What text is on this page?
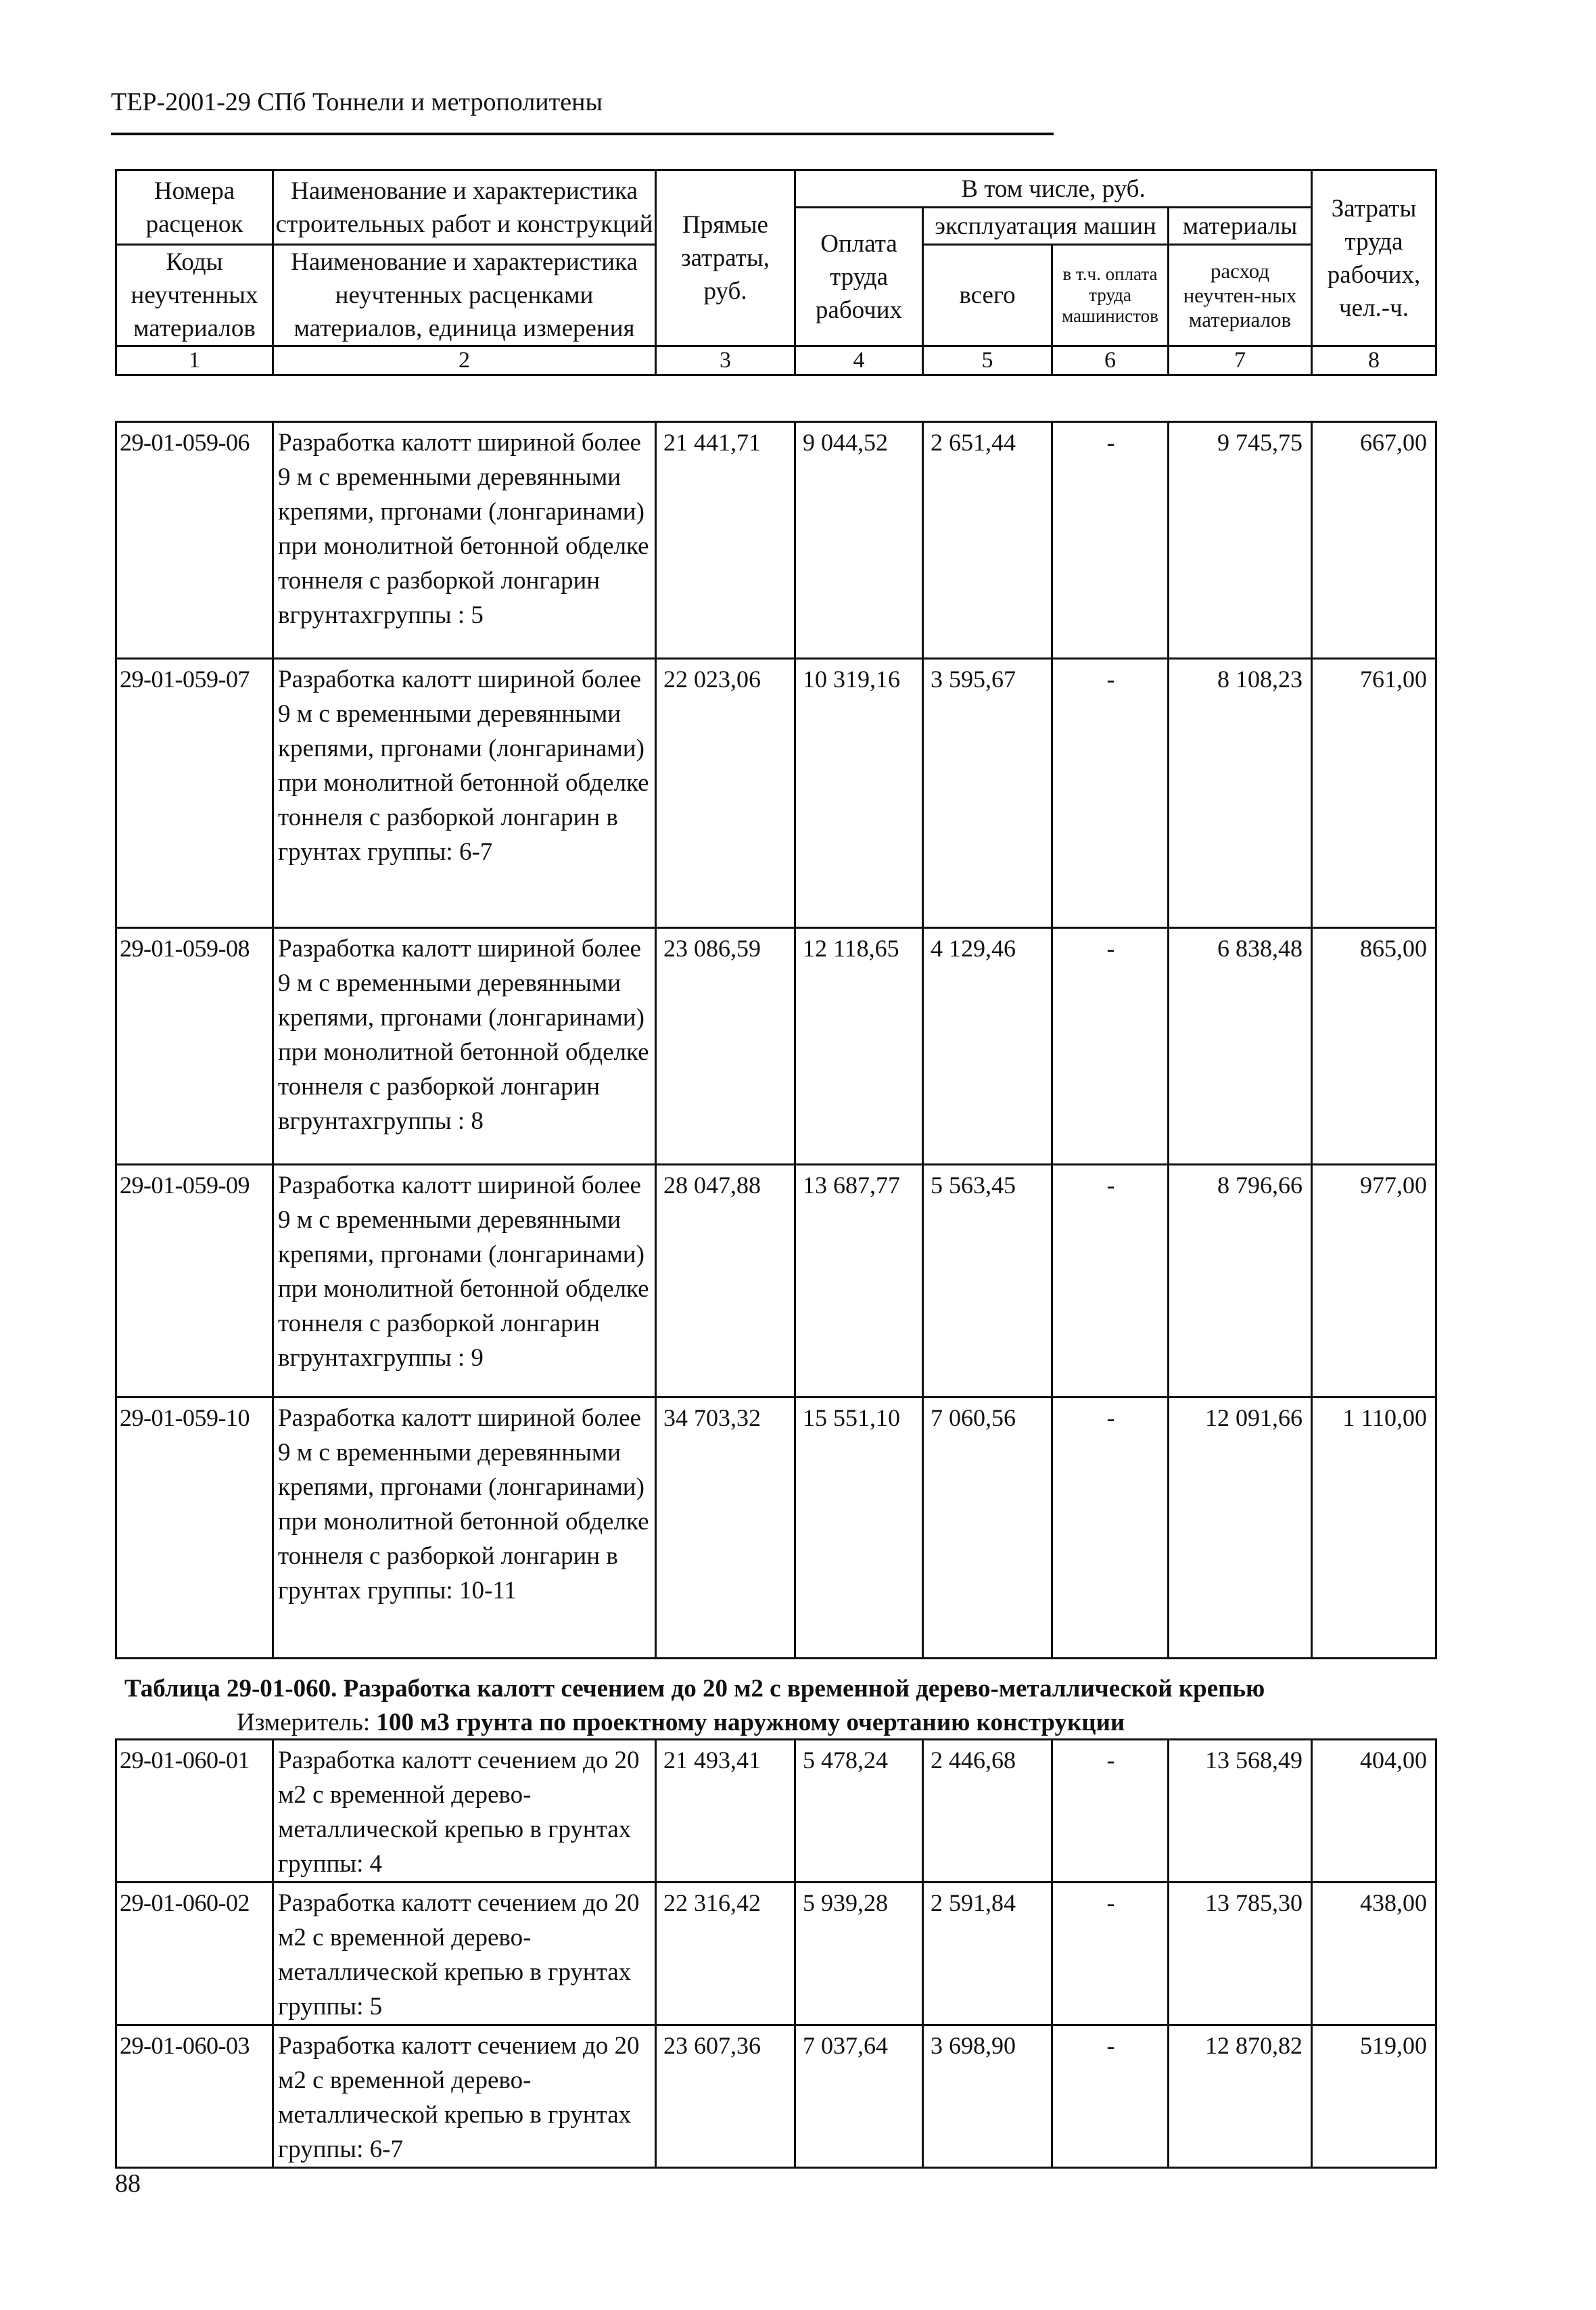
ТЕР-2001-29 СПб Тоннели и метрополитены
Номера расценок	Наименование и характеристика строительных работ и конструкций	Прямые затраты, руб.	В том числе, руб.				Затраты труда рабочих, чел.-ч.

			Оплата труда рабочих	эксплуатация машин		материалы	

Коды неучтенных материалов	Наименование и характеристика неучтенных расценками материалов, единица измерения			всего	в т.ч. оплата труда машинистов	расход неучтен-ных материалов	

1	2	3	4	5	6	7	8
29-01-059-06	Разработка калотт шириной более 9 м с временными деревянными крепями, пргонами (лонгаринами) при монолитной бетонной обделке тоннеля с разборкой лонгарин вгрунтахгруппы : 5	21 441,71	9 044,52	2 651,44	-	9 745,75	667,00

29-01-059-07	Разработка калотт шириной более 9 м с временными деревянными крепями, пргонами (лонгаринами) при монолитной бетонной обделке тоннеля с разборкой лонгарин в грунтах группы: 6-7	22 023,06	10 319,16	3 595,67	-	8 108,23	761,00

29-01-059-08	Разработка калотт шириной более 9 м с временными деревянными крепями, пргонами (лонгаринами) при монолитной бетонной обделке тоннеля с разборкой лонгарин вгрунтахгруппы : 8	23 086,59	12 118,65	4 129,46	-	6 838,48	865,00

29-01-059-09	Разработка калотт шириной более 9 м с временными деревянными крепями, пргонами (лонгаринами) при монолитной бетонной обделке тоннеля с разборкой лонгарин вгрунтахгруппы : 9	28 047,88	13 687,77	5 563,45	-	8 796,66	977,00

29-01-059-10	Разработка калотт шириной более 9 м с временными деревянными крепями, пргонами (лонгаринами) при монолитной бетонной обделке тоннеля с разборкой лонгарин в грунтах группы: 10-11	34 703,32	15 551,10	7 060,56	-	12 091,66	1 110,00
Таблица 29-01-060. Разработка калотт сечением до 20 м2 с временной дерево-металлической крепью
Измеритель: 100 м3 грунта по проектному наружному очертанию конструкции
29-01-060-01	Разработка калотт сечением до 20 м2 с временной дерево-металлической крепью в грунтах группы: 4	21 493,41	5 478,24	2 446,68	-	13 568,49	404,00

29-01-060-02	Разработка калотт сечением до 20 м2 с временной дерево-металлической крепью в грунтах группы: 5	22 316,42	5 939,28	2 591,84	-	13 785,30	438,00

29-01-060-03	Разработка калотт сечением до 20 м2 с временной дерево-металлической крепью в грунтах группы: 6-7	23 607,36	7 037,64	3 698,90	-	12 870,82	519,00
88
